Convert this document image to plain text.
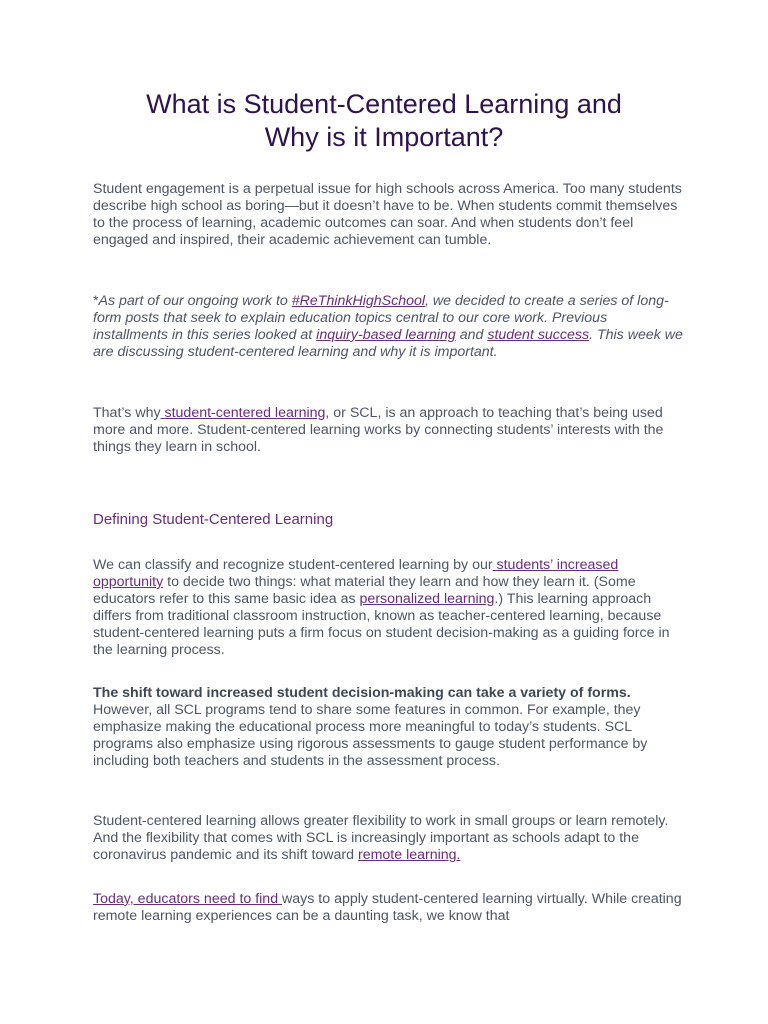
What is Student-Centered Learning and
Why is it Important?

Student engagement is a perpetual issue for high schools across America. Too many students describe high school as boring—but it doesn’t have to be. When students commit themselves to the process of learning, academic outcomes can soar. And when students don’t feel engaged and inspired, their academic achievement can tumble.

*As part of our ongoing work to #ReThinkHighSchool, we decided to create a series of long-form posts that seek to explain education topics central to our core work. Previous installments in this series looked at inquiry-based learning and student success. This week we are discussing student-centered learning and why it is important.

That’s why student-centered learning, or SCL, is an approach to teaching that’s being used more and more. Student-centered learning works by connecting students’ interests with the things they learn in school.

Defining Student-Centered Learning

We can classify and recognize student-centered learning by our students’ increased opportunity to decide two things: what material they learn and how they learn it. (Some educators refer to this same basic idea as personalized learning.) This learning approach differs from traditional classroom instruction, known as teacher-centered learning, because student-centered learning puts a firm focus on student decision-making as a guiding force in the learning process.

The shift toward increased student decision-making can take a variety of forms. However, all SCL programs tend to share some features in common. For example, they emphasize making the educational process more meaningful to today’s students. SCL programs also emphasize using rigorous assessments to gauge student performance by including both teachers and students in the assessment process.

Student-centered learning allows greater flexibility to work in small groups or learn remotely. And the flexibility that comes with SCL is increasingly important as schools adapt to the coronavirus pandemic and its shift toward remote learning.

Today, educators need to find ways to apply student-centered learning virtually. While creating remote learning experiences can be a daunting task, we know that
